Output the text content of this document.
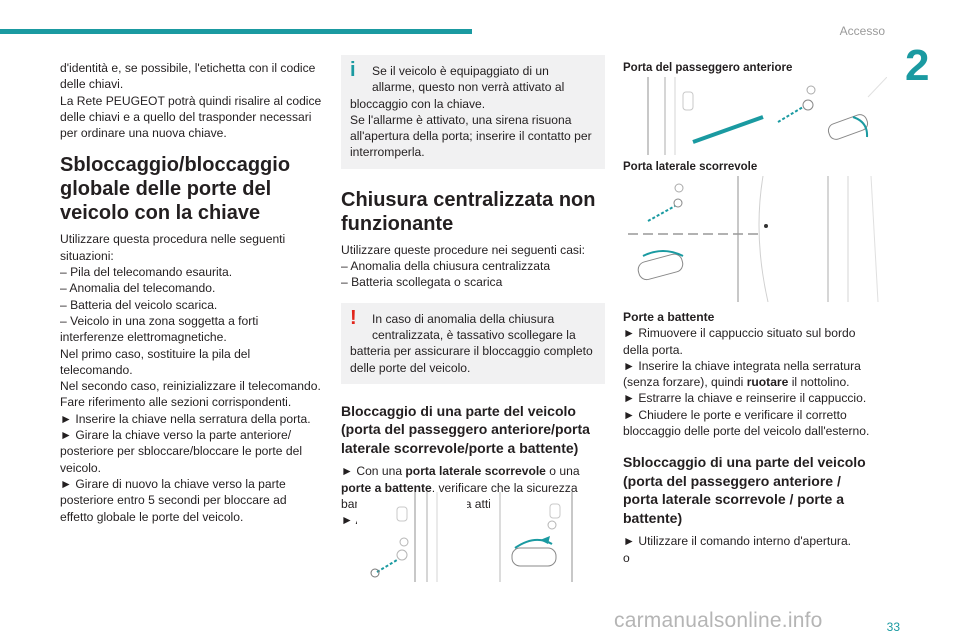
Accesso
2

d'identità e, se possibile, l'etichetta con il codice

delle chiavi.

La Rete PEUGEOT potrà quindi risalire al codice

delle chiavi e a quello del trasponder necessari

per ordinare una nuova chiave.

Sbloccaggio/bloccaggio
globale delle porte del
veicolo con la chiave

Utilizzare questa procedura nelle seguenti

situazioni:

– Pila del telecomando esaurita.

– Anomalia del telecomando.

– Batteria del veicolo scarica.

– Veicolo in una zona soggetta a forti

interferenze elettromagnetiche.

Nel primo caso, sostituire la pila del

telecomando.

Nel secondo caso, reinizializzare il telecomando.

Fare riferimento alle sezioni corrispondenti.

► Inserire la chiave nella serratura della porta.

► Girare la chiave verso la parte anteriore/

posteriore per sbloccare/bloccare le porte del

veicolo.

► Girare di nuovo la chiave verso la parte

posteriore entro 5 secondi per bloccare ad

effetto globale le porte del veicolo.

i	Se il veicolo è equipaggiato di un

allarme, questo non verrà attivato al

bloccaggio con la chiave.

Se l'allarme è attivato, una sirena risuona

all'apertura della porta; inserire il contatto per

interromperla.

Chiusura centralizzata non
funzionante

Utilizzare queste procedure nei seguenti casi:

– Anomalia della chiusura centralizzata

– Batteria scollegata o scarica

!	In caso di anomalia della chiusura

centralizzata, è tassativo scollegare la

batteria per assicurare il bloccaggio completo

delle porte del veicolo.

Bloccaggio di una parte del veicolo
(porta del passeggero anteriore/porta
laterale scorrevole/porte a battente)

► Con una porta laterale scorrevole o una

porte a battente, verificare che la sicurezza

bambini elettrica non sia attivata.

► Aprire la porta.

Porta del passeggero anteriore

Porta laterale scorrevole

Porte a battente

► Rimuovere il cappuccio situato sul bordo

della porta.

► Inserire la chiave integrata nella serratura

(senza forzare), quindi ruotare il nottolino.

► Estrarre la chiave e reinserire il cappuccio.

► Chiudere le porte e verificare il corretto

bloccaggio delle porte del veicolo dall'esterno.

Sbloccaggio di una parte del veicolo
(porta del passeggero anteriore /
porta laterale scorrevole / porte a
battente)

► Utilizzare il comando interno d'apertura.

o

carmanualsonline.info	33
